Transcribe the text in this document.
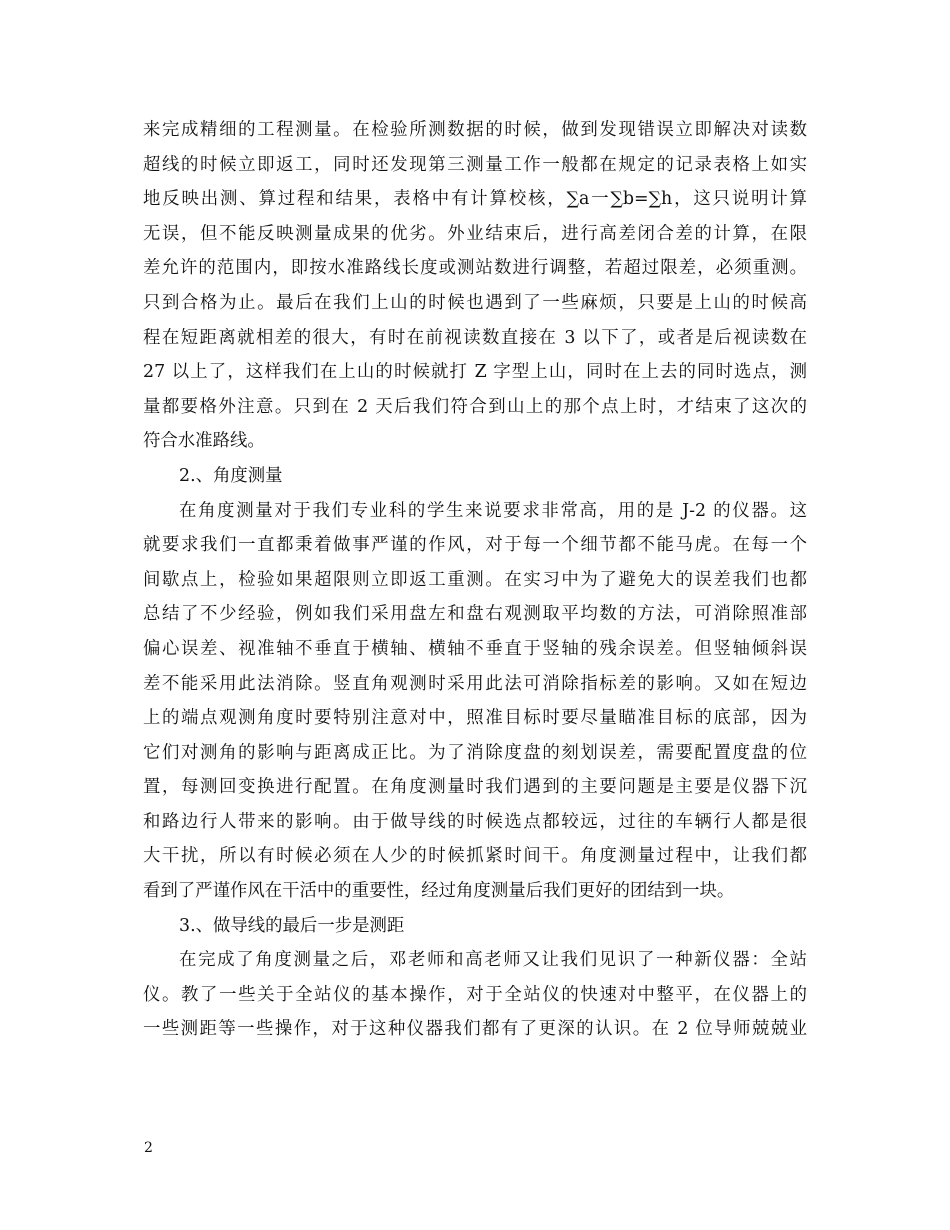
来完成精细的工程测量。在检验所测数据的时候，做到发现错误立即解决对读数
超线的时候立即返工，同时还发现第三测量工作一般都在规定的记录表格上如实
地反映出测、算过程和结果，表格中有计算校核，∑a一∑b=∑h，这只说明计算
无误，但不能反映测量成果的优劣。外业结束后，进行高差闭合差的计算，在限
差允许的范围内，即按水准路线长度或测站数进行调整，若超过限差，必须重测。
只到合格为止。最后在我们上山的时候也遇到了一些麻烦，只要是上山的时候高
程在短距离就相差的很大，有时在前视读数直接在 3 以下了，或者是后视读数在
27 以上了，这样我们在上山的时候就打 Z 字型上山，同时在上去的同时选点，测
量都要格外注意。只到在 2 天后我们符合到山上的那个点上时，才结束了这次的
符合水准路线。
2.、角度测量
在角度测量对于我们专业科的学生来说要求非常高，用的是 J-2 的仪器。这
就要求我们一直都秉着做事严谨的作风，对于每一个细节都不能马虎。在每一个
间歇点上，检验如果超限则立即返工重测。在实习中为了避免大的误差我们也都
总结了不少经验，例如我们采用盘左和盘右观测取平均数的方法，可消除照准部
偏心误差、视准轴不垂直于横轴、横轴不垂直于竖轴的残余误差。但竖轴倾斜误
差不能采用此法消除。竖直角观测时采用此法可消除指标差的影响。又如在短边
上的端点观测角度时要特别注意对中，照准目标时要尽量瞄准目标的底部，因为
它们对测角的影响与距离成正比。为了消除度盘的刻划误差，需要配置度盘的位
置，每测回变换进行配置。在角度测量时我们遇到的主要问题是主要是仪器下沉
和路边行人带来的影响。由于做导线的时候选点都较远，过往的车辆行人都是很
大干扰，所以有时候必须在人少的时候抓紧时间干。角度测量过程中，让我们都
看到了严谨作风在干活中的重要性，经过角度测量后我们更好的团结到一块。
3.、做导线的最后一步是测距
在完成了角度测量之后，邓老师和高老师又让我们见识了一种新仪器：全站
仪。教了一些关于全站仪的基本操作，对于全站仪的快速对中整平，在仪器上的
一些测距等一些操作，对于这种仪器我们都有了更深的认识。在 2 位导师兢兢业
2
